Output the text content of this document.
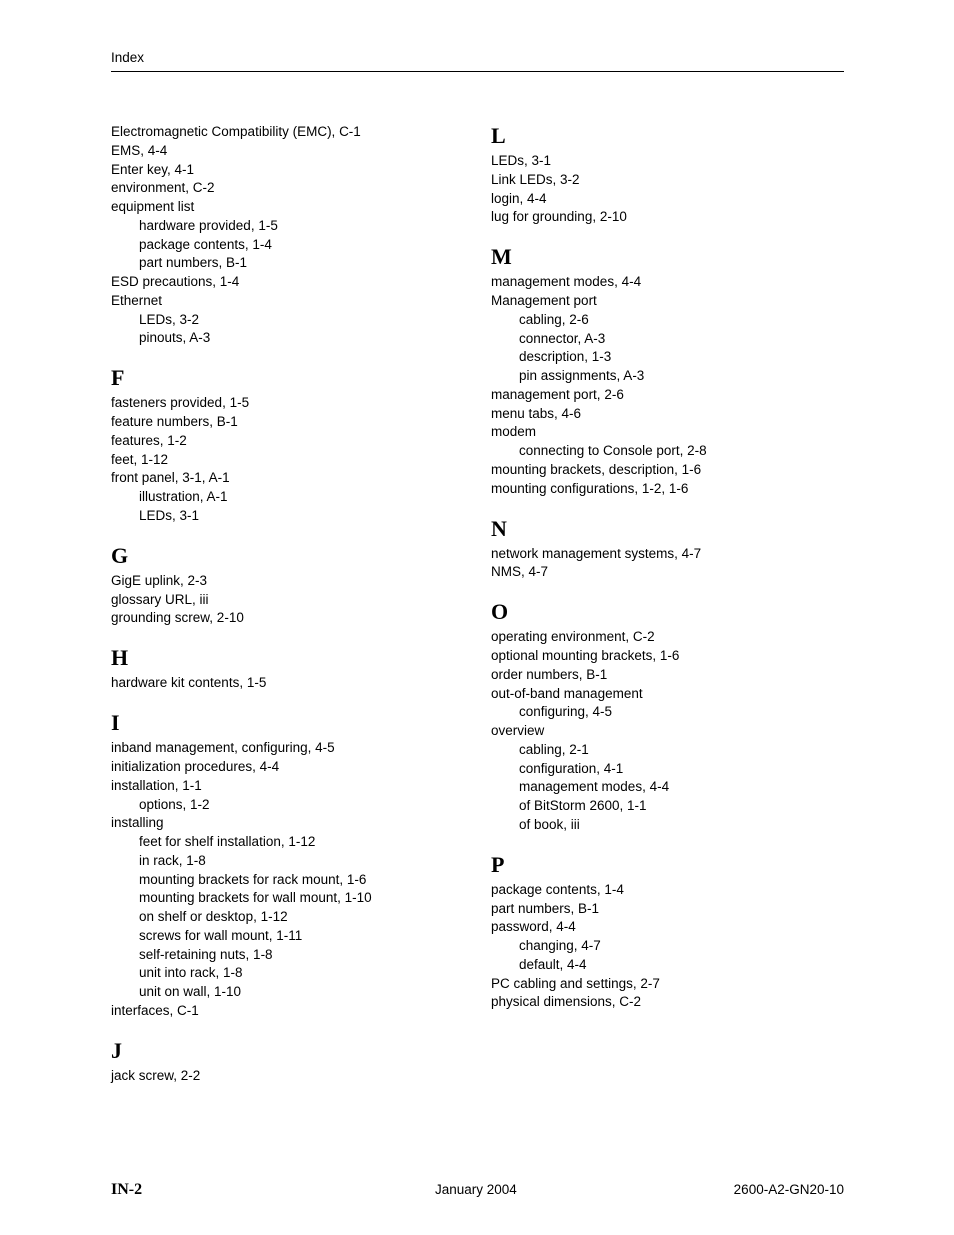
Index
Electromagnetic Compatibility (EMC), C-1
EMS, 4-4
Enter key, 4-1
environment, C-2
equipment list
hardware provided, 1-5
package contents, 1-4
part numbers, B-1
ESD precautions, 1-4
Ethernet
LEDs, 3-2
pinouts, A-3
F
fasteners provided, 1-5
feature numbers, B-1
features, 1-2
feet, 1-12
front panel, 3-1, A-1
illustration, A-1
LEDs, 3-1
G
GigE uplink, 2-3
glossary URL, iii
grounding screw, 2-10
H
hardware kit contents, 1-5
I
inband management, configuring, 4-5
initialization procedures, 4-4
installation, 1-1
options, 1-2
installing
feet for shelf installation, 1-12
in rack, 1-8
mounting brackets for rack mount, 1-6
mounting brackets for wall mount, 1-10
on shelf or desktop, 1-12
screws for wall mount, 1-11
self-retaining nuts, 1-8
unit into rack, 1-8
unit on wall, 1-10
interfaces, C-1
J
jack screw, 2-2
L
LEDs, 3-1
Link LEDs, 3-2
login, 4-4
lug for grounding, 2-10
M
management modes, 4-4
Management port
cabling, 2-6
connector, A-3
description, 1-3
pin assignments, A-3
management port, 2-6
menu tabs, 4-6
modem
connecting to Console port, 2-8
mounting brackets, description, 1-6
mounting configurations, 1-2, 1-6
N
network management systems, 4-7
NMS, 4-7
O
operating environment, C-2
optional mounting brackets, 1-6
order numbers, B-1
out-of-band management
configuring, 4-5
overview
cabling, 2-1
configuration, 4-1
management modes, 4-4
of BitStorm 2600, 1-1
of book, iii
P
package contents, 1-4
part numbers, B-1
password, 4-4
changing, 4-7
default, 4-4
PC cabling and settings, 2-7
physical dimensions, C-2
IN-2	January 2004	2600-A2-GN20-10
